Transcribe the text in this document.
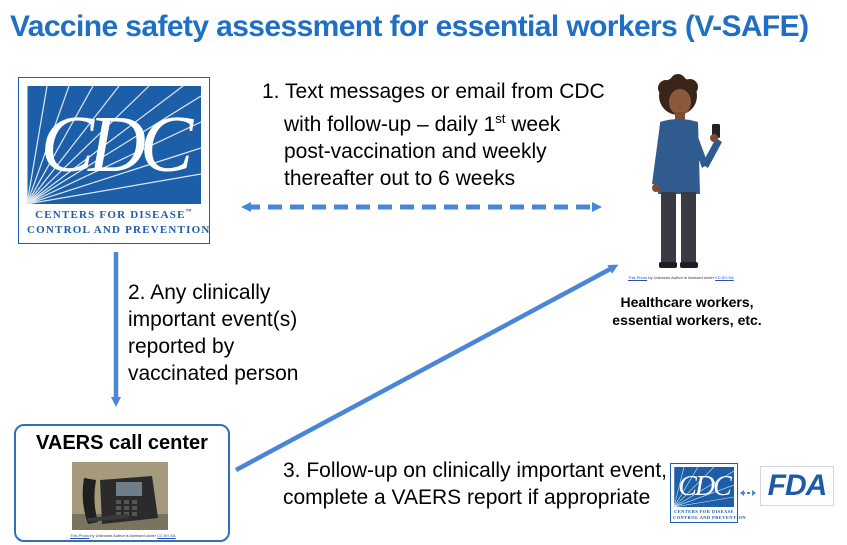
Vaccine safety assessment for essential workers (V-SAFE)
CDC
CENTERS FOR DISEASE™
CONTROL AND PREVENTION
1. Text messages or email from CDC
with follow-up – daily 1st week
post-vaccination and weekly
thereafter out to 6 weeks
This Photo by Unknown Author is licensed under CC BY-SA
Healthcare workers,
essential workers, etc.
2. Any clinically
important event(s)
reported by
vaccinated person
VAERS call center
This Photo by Unknown Author is licensed under CC BY-SA
3. Follow-up on clinically important event,
complete a VAERS report if appropriate CDC
CENTERS FOR DISEASE
CONTROL AND PREVENTION
FDA
